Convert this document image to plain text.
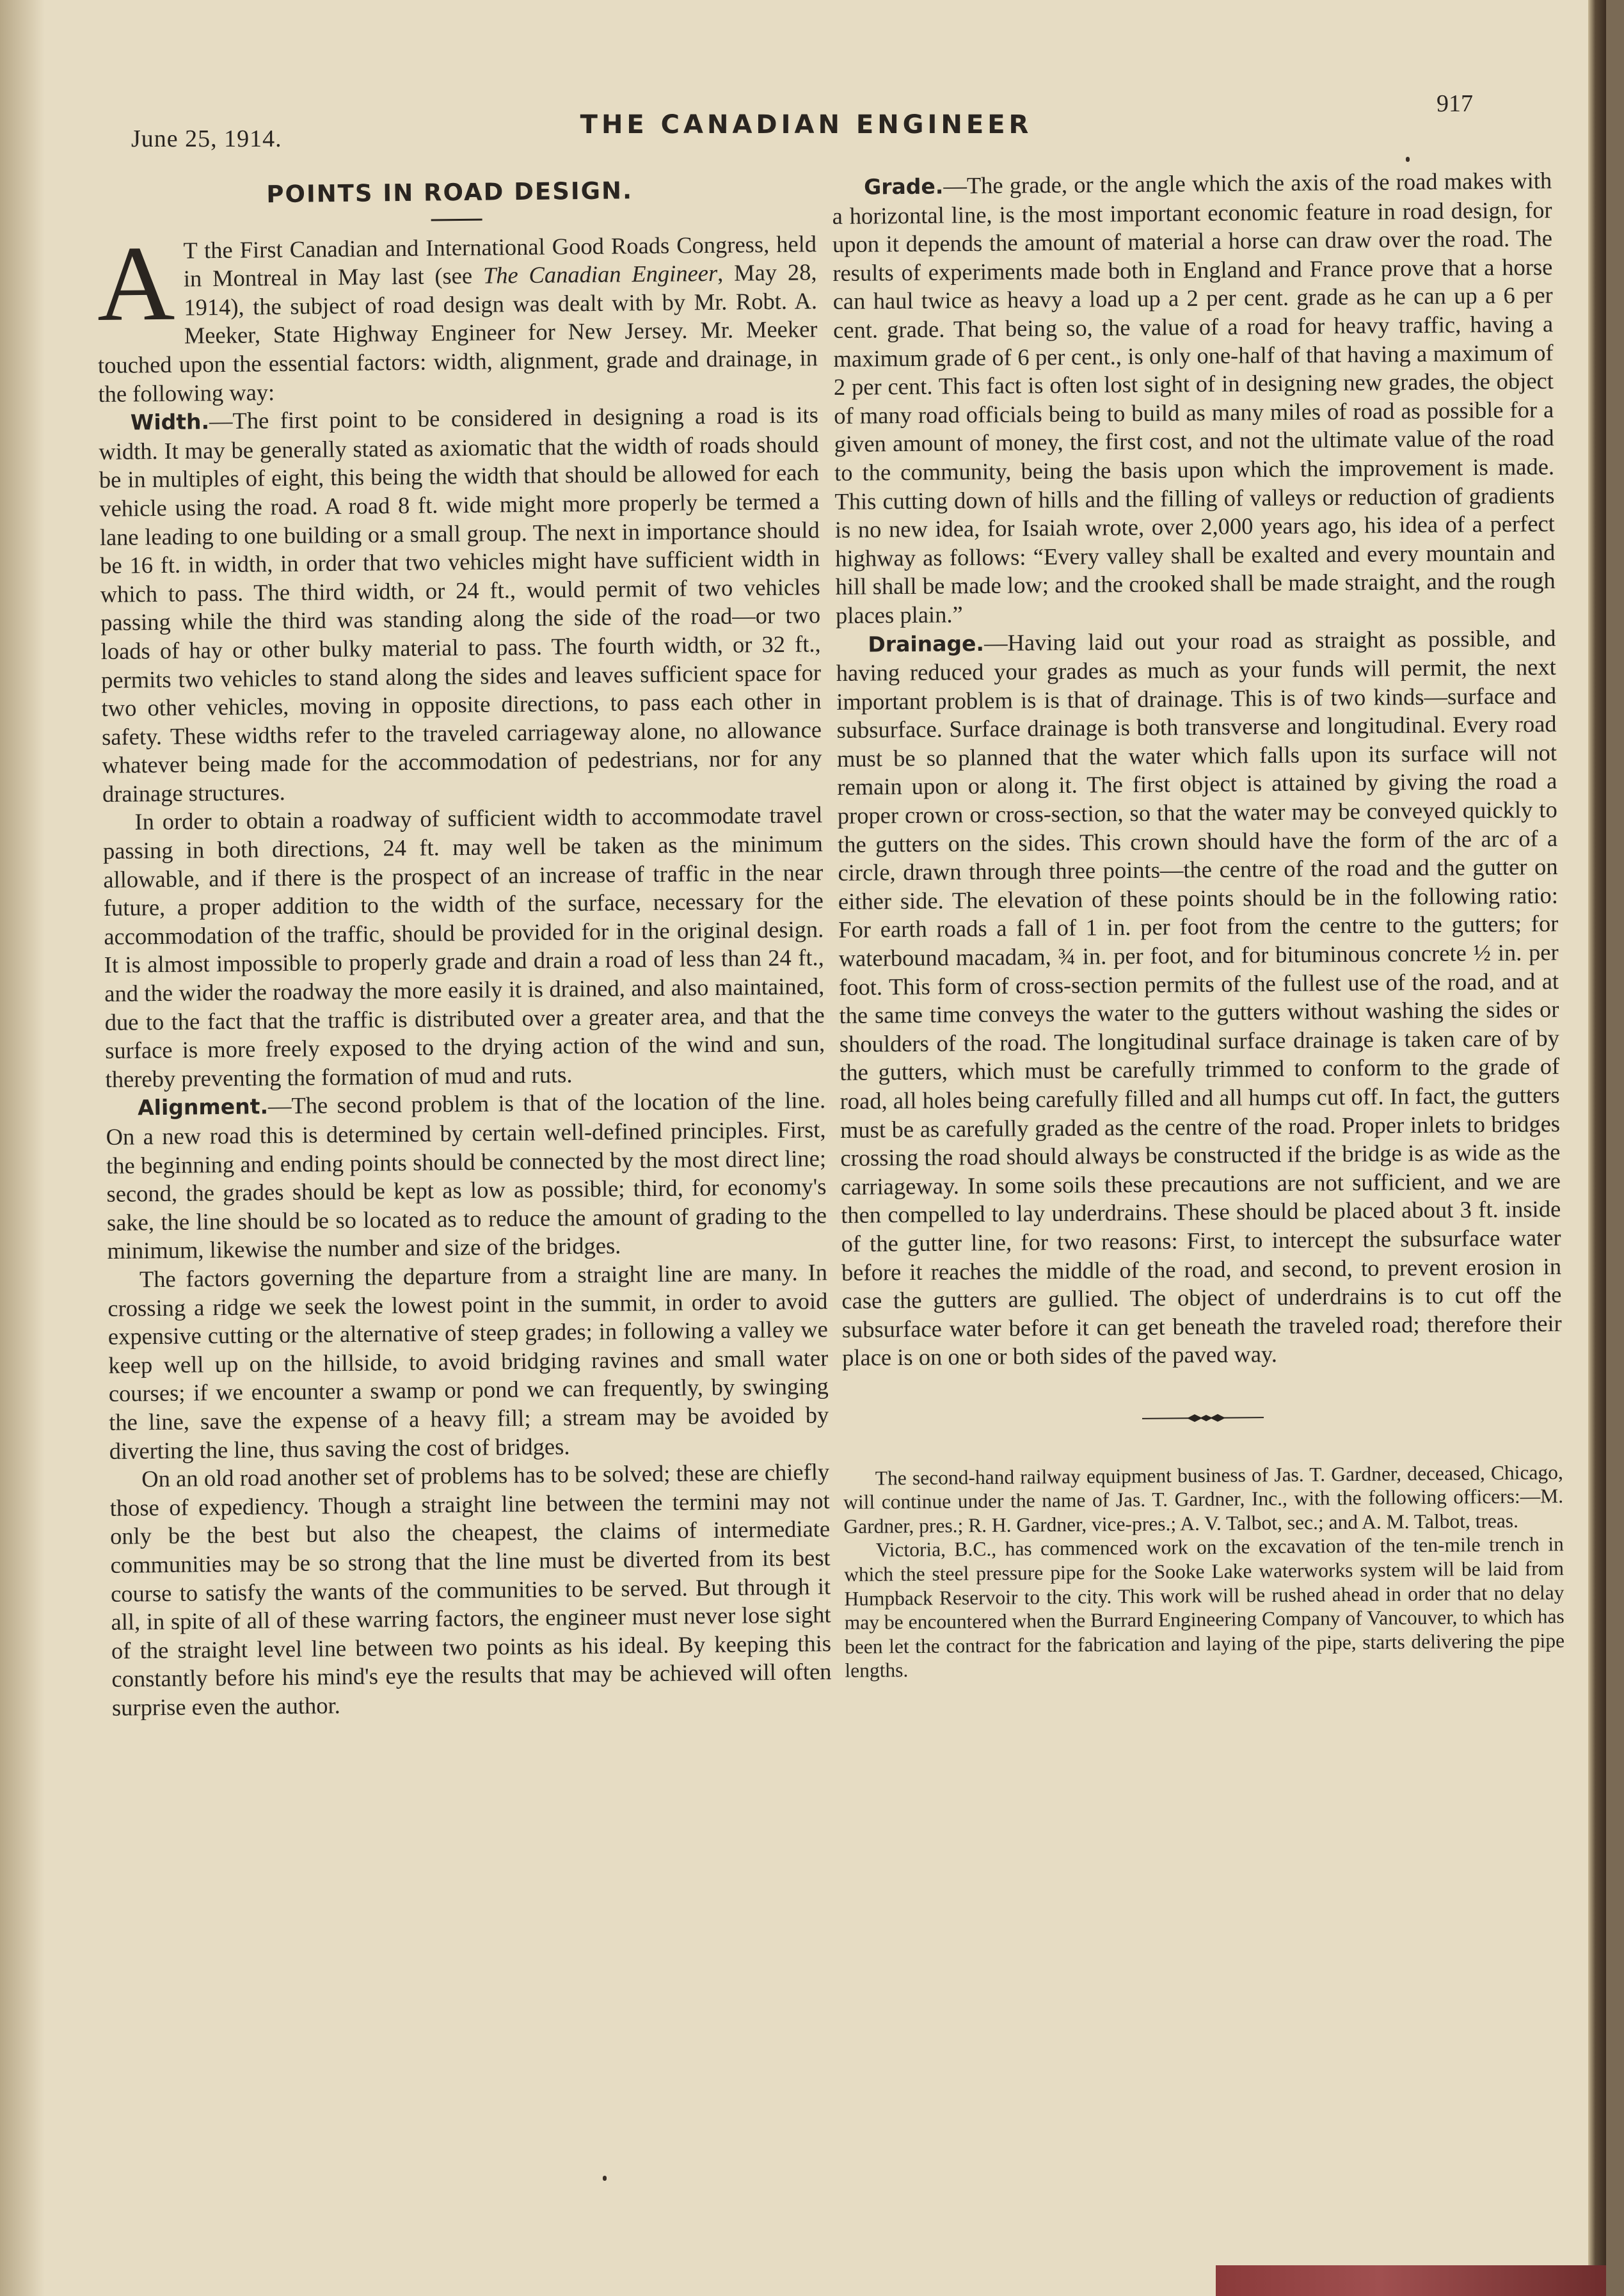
June 25, 1914.	THE CANADIAN ENGINEER
917
POINTS IN ROAD DESIGN.

A T the First Canadian and International Good Roads Congress, held in Montreal in May last (see The Canadian Engineer, May 28, 1914), the subject of road design was dealt with by Mr. Robt. A. Meeker, State Highway Engineer for New Jersey. Mr. Meeker touched upon the essential factors: width, alignment, grade and drainage, in the following way:

Width.—The first point to be considered in designing a road is its width. It may be generally stated as axiomatic that the width of roads should be in multiples of eight, this being the width that should be allowed for each vehicle using the road. A road 8 ft. wide might more properly be termed a lane leading to one building or a small group. The next in importance should be 16 ft. in width, in order that two vehicles might have sufficient width in which to pass. The third width, or 24 ft., would permit of two vehicles passing while the third was standing along the side of the road—or two loads of hay or other bulky material to pass. The fourth width, or 32 ft., permits two vehicles to stand along the sides and leaves sufficient space for two other vehicles, moving in opposite directions, to pass each other in safety. These widths refer to the traveled carriageway alone, no allowance whatever being made for the accommodation of pedestrians, nor for any drainage structures.

In order to obtain a roadway of sufficient width to accommodate travel passing in both directions, 24 ft. may well be taken as the minimum allowable, and if there is the prospect of an increase of traffic in the near future, a proper addition to the width of the surface, necessary for the accommodation of the traffic, should be provided for in the original design. It is almost impossible to properly grade and drain a road of less than 24 ft., and the wider the roadway the more easily it is drained, and also maintained, due to the fact that the traffic is distributed over a greater area, and that the surface is more freely exposed to the drying action of the wind and sun, thereby preventing the formation of mud and ruts.

Alignment.—The second problem is that of the location of the line. On a new road this is determined by certain well-defined principles. First, the beginning and ending points should be connected by the most direct line; second, the grades should be kept as low as possible; third, for economy's sake, the line should be so located as to reduce the amount of grading to the minimum, likewise the number and size of the bridges.

The factors governing the departure from a straight line are many. In crossing a ridge we seek the lowest point in the summit, in order to avoid expensive cutting or the alternative of steep grades; in following a valley we keep well up on the hillside, to avoid bridging ravines and small water courses; if we encounter a swamp or pond we can frequently, by swinging the line, save the expense of a heavy fill; a stream may be avoided by diverting the line, thus saving the cost of bridges.

On an old road another set of problems has to be solved; these are chiefly those of expediency. Though a straight line between the termini may not only be the best but also the cheapest, the claims of intermediate communities may be so strong that the line must be diverted from its best course to satisfy the wants of the communities to be served. But through it all, in spite of all of these warring factors, the engineer must never lose sight of the straight level line between two points as his ideal. By keeping this constantly before his mind's eye the results that may be achieved will often surprise even the author.

Grade.—The grade, or the angle which the axis of the road makes with a horizontal line, is the most important economic feature in road design, for upon it depends the amount of material a horse can draw over the road. The results of experiments made both in England and France prove that a horse can haul twice as heavy a load up a 2 per cent. grade as he can up a 6 per cent. grade. That being so, the value of a road for heavy traffic, having a maximum grade of 6 per cent., is only one-half of that having a maximum of 2 per cent. This fact is often lost sight of in designing new grades, the object of many road officials being to build as many miles of road as possible for a given amount of money, the first cost, and not the ultimate value of the road to the community, being the basis upon which the improvement is made. This cutting down of hills and the filling of valleys or reduction of gradients is no new idea, for Isaiah wrote, over 2,000 years ago, his idea of a perfect highway as follows: “Every valley shall be exalted and every mountain and hill shall be made low; and the crooked shall be made straight, and the rough places plain.”

Drainage.—Having laid out your road as straight as possible, and having reduced your grades as much as your funds will permit, the next important problem is is that of drainage. This is of two kinds—surface and subsurface. Surface drainage is both transverse and longitudinal. Every road must be so planned that the water which falls upon its surface will not remain upon or along it. The first object is attained by giving the road a proper crown or cross-section, so that the water may be conveyed quickly to the gutters on the sides. This crown should have the form of the arc of a circle, drawn through three points—the centre of the road and the gutter on either side. The elevation of these points should be in the following ratio: For earth roads a fall of 1 in. per foot from the centre to the gutters; for waterbound macadam, ¾ in. per foot, and for bituminous concrete ½ in. per foot. This form of cross-section permits of the fullest use of the road, and at the same time conveys the water to the gutters without washing the sides or shoulders of the road. The longitudinal surface drainage is taken care of by the gutters, which must be carefully trimmed to conform to the grade of road, all holes being carefully filled and all humps cut off. In fact, the gutters must be as carefully graded as the centre of the road. Proper inlets to bridges crossing the road should always be constructed if the bridge is as wide as the carriageway. In some soils these precautions are not sufficient, and we are then compelled to lay underdrains. These should be placed about 3 ft. inside of the gutter line, for two reasons: First, to intercept the subsurface water before it reaches the middle of the road, and second, to prevent erosion in case the gutters are gullied. The object of underdrains is to cut off the subsurface water before it can get beneath the traveled road; therefore their place is on one or both sides of the paved way.

The second-hand railway equipment business of Jas. T. Gardner, deceased, Chicago, will continue under the name of Jas. T. Gardner, Inc., with the following officers:—M. Gardner, pres.; R. H. Gardner, vice-pres.; A. V. Talbot, sec.; and A. M. Talbot, treas.

Victoria, B.C., has commenced work on the excavation of the ten-mile trench in which the steel pressure pipe for the Sooke Lake waterworks system will be laid from Humpback Reservoir to the city. This work will be rushed ahead in order that no delay may be encountered when the Burrard Engineering Company of Vancouver, to which has been let the contract for the fabrication and laying of the pipe, starts delivering the pipe lengths.
